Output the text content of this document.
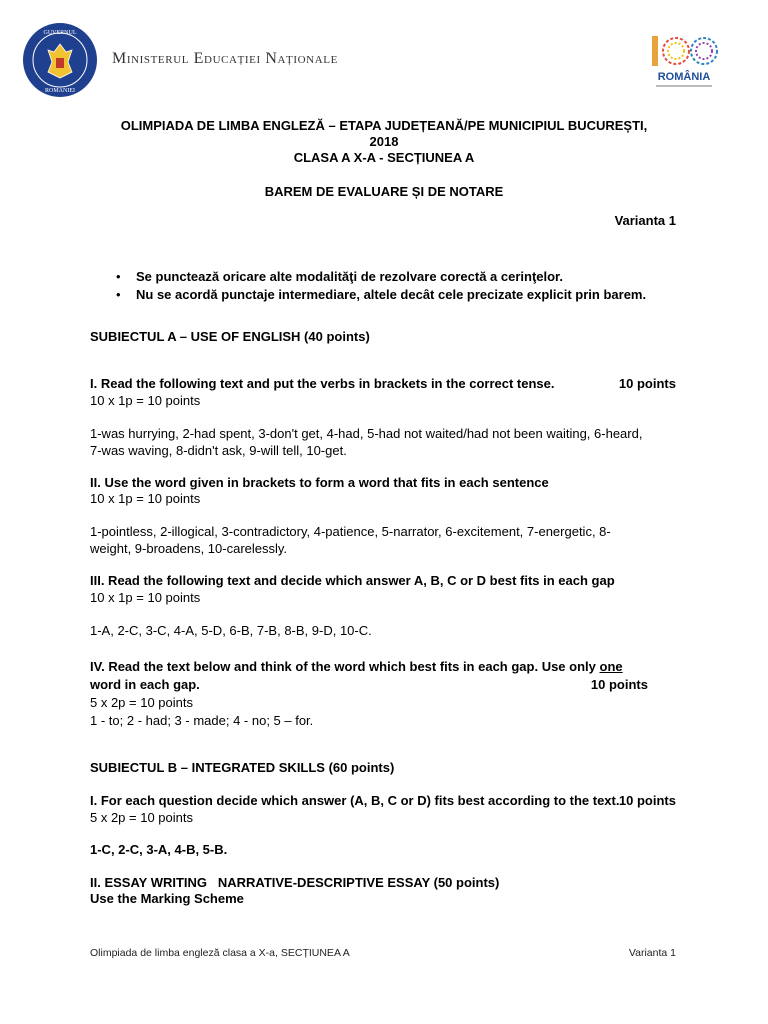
GUVERNUL
ROMÂNIEI
Ministerul Educației Naționale
ROMÂNIA
OLIMPIADA DE LIMBA ENGLEZĂ – ETAPA JUDEȚEANĂ/PE MUNICIPIUL BUCUREȘTI,
2018
CLASA A X-A - SECȚIUNEA A
BAREM DE EVALUARE ȘI DE NOTARE
Varianta 1
• Se punctează oricare alte modalităţi de rezolvare corectă a cerinţelor.
• Nu se acordă punctaje intermediare, altele decât cele precizate explicit prin barem.
SUBIECTUL A – USE OF ENGLISH (40 points)
I. Read the following text and put the verbs in brackets in the correct tense.	10 points
10 x 1p = 10 points
1-was hurrying, 2-had spent, 3-don't get, 4-had, 5-had not waited/had not been waiting, 6-heard,
7-was waving, 8-didn't ask, 9-will tell, 10-get.
II. Use the word given in brackets to form a word that fits in each sentence
10 x 1p = 10 points
1-pointless, 2-illogical, 3-contradictory, 4-patience, 5-narrator, 6-excitement, 7-energetic, 8-
weight, 9-broadens, 10-carelessly.
III. Read the following text and decide which answer A, B, C or D best fits in each gap
10 x 1p = 10 points
1-A, 2-C, 3-C, 4-A, 5-D, 6-B, 7-B, 8-B, 9-D, 10-C.
IV. Read the text below and think of the word which best fits in each gap. Use only one
word in each gap.	10 points
5 x 2p = 10 points
1 - to; 2 - had; 3 - made; 4 - no; 5 – for.
SUBIECTUL B – INTEGRATED SKILLS (60 points)
I. For each question decide which answer (A, B, C or D) fits best according to the text. 10 points
5 x 2p = 10 points
1-C, 2-C, 3-A, 4-B, 5-B.
II. ESSAY WRITING   NARRATIVE-DESCRIPTIVE ESSAY (50 points)
Use the Marking Scheme
Olimpiada de limba engleză clasa a X-a, SECȚIUNEA A	Varianta 1
